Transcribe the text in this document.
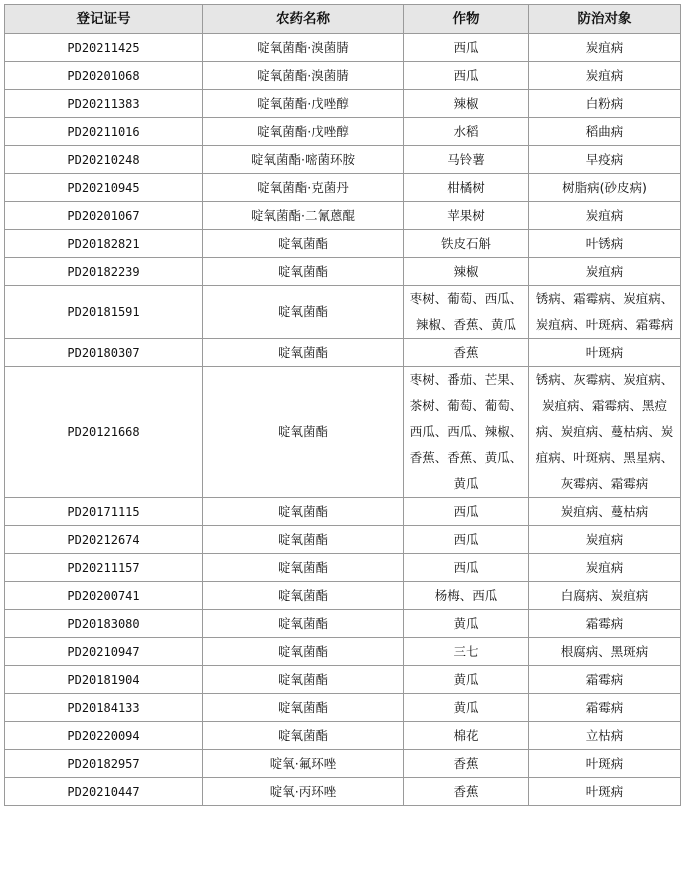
登记证号	农药名称	作物	防治对象
PD20211425	啶氧菌酯·溴菌腈	西瓜	炭疽病
PD20201068	啶氧菌酯·溴菌腈	西瓜	炭疽病
PD20211383	啶氧菌酯·戊唑醇	辣椒	白粉病
PD20211016	啶氧菌酯·戊唑醇	水稻	稻曲病
PD20210248	啶氧菌酯·嘧菌环胺	马铃薯	早疫病
PD20210945	啶氧菌酯·克菌丹	柑橘树	树脂病(砂皮病)
PD20201067	啶氧菌酯·二氰蒽醌	苹果树	炭疽病
PD20182821	啶氧菌酯	铁皮石斛	叶锈病
PD20182239	啶氧菌酯	辣椒	炭疽病
PD20181591	啶氧菌酯	枣树、葡萄、西瓜、辣椒、香蕉、黄瓜	锈病、霜霉病、炭疽病、炭疽病、叶斑病、霜霉病
PD20180307	啶氧菌酯	香蕉	叶斑病
PD20121668	啶氧菌酯	枣树、番茄、芒果、茶树、葡萄、葡萄、西瓜、西瓜、辣椒、香蕉、香蕉、黄瓜、黄瓜	锈病、灰霉病、炭疽病、炭疽病、霜霉病、黑痘病、炭疽病、蔓枯病、炭疽病、叶斑病、黑星病、灰霉病、霜霉病
PD20171115	啶氧菌酯	西瓜	炭疽病、蔓枯病
PD20212674	啶氧菌酯	西瓜	炭疽病
PD20211157	啶氧菌酯	西瓜	炭疽病
PD20200741	啶氧菌酯	杨梅、西瓜	白腐病、炭疽病
PD20183080	啶氧菌酯	黄瓜	霜霉病
PD20210947	啶氧菌酯	三七	根腐病、黑斑病
PD20181904	啶氧菌酯	黄瓜	霜霉病
PD20184133	啶氧菌酯	黄瓜	霜霉病
PD20220094	啶氧菌酯	棉花	立枯病
PD20182957	啶氧·氟环唑	香蕉	叶斑病
PD20210447	啶氧·丙环唑	香蕉	叶斑病
